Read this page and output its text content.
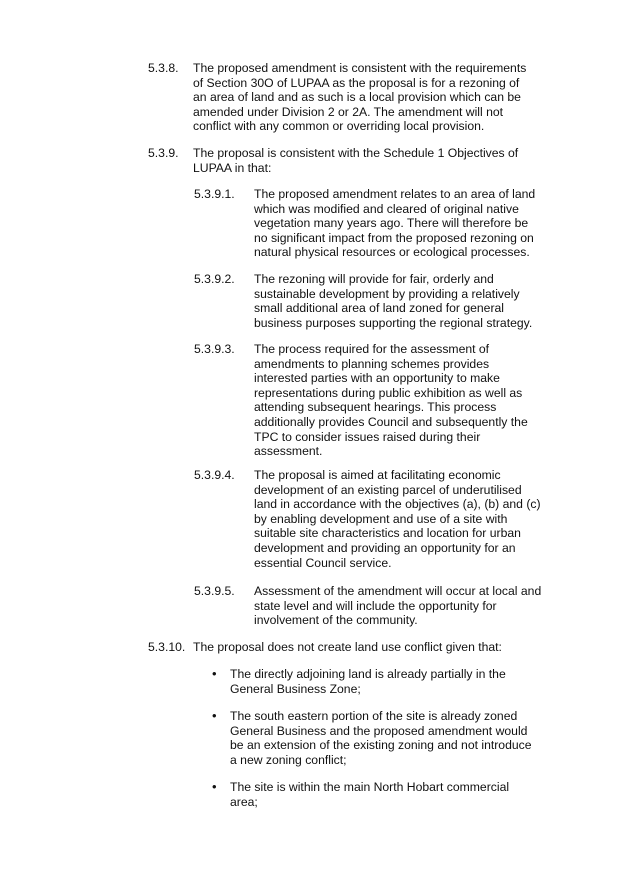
5.3.8.	The proposed amendment is consistent with the requirements of Section 30O of LUPAA as the proposal is for a rezoning of an area of land and as such is a local provision which can be amended under Division 2 or 2A. The amendment will not conflict with any common or overriding local provision.
5.3.9.	The proposal is consistent with the Schedule 1 Objectives of LUPAA in that:
5.3.9.1.	The proposed amendment relates to an area of land which was modified and cleared of original native vegetation many years ago. There will therefore be no significant impact from the proposed rezoning on natural physical resources or ecological processes.
5.3.9.2.	The rezoning will provide for fair, orderly and sustainable development by providing a relatively small additional area of land zoned for general business purposes supporting the regional strategy.
5.3.9.3.	The process required for the assessment of amendments to planning schemes provides interested parties with an opportunity to make representations during public exhibition as well as attending subsequent hearings. This process additionally provides Council and subsequently the TPC to consider issues raised during their assessment.
5.3.9.4.	The proposal is aimed at facilitating economic development of an existing parcel of underutilised land in accordance with the objectives (a), (b) and (c) by enabling development and use of a site with suitable site characteristics and location for urban development and providing an opportunity for an essential Council service.
5.3.9.5.	Assessment of the amendment will occur at local and state level and will include the opportunity for involvement of the community.
5.3.10. The proposal does not create land use conflict given that:
•	The directly adjoining land is already partially in the General Business Zone;
•	The south eastern portion of the site is already zoned General Business and the proposed amendment would be an extension of the existing zoning and not introduce a new zoning conflict;
•	The site is within the main North Hobart commercial area;
